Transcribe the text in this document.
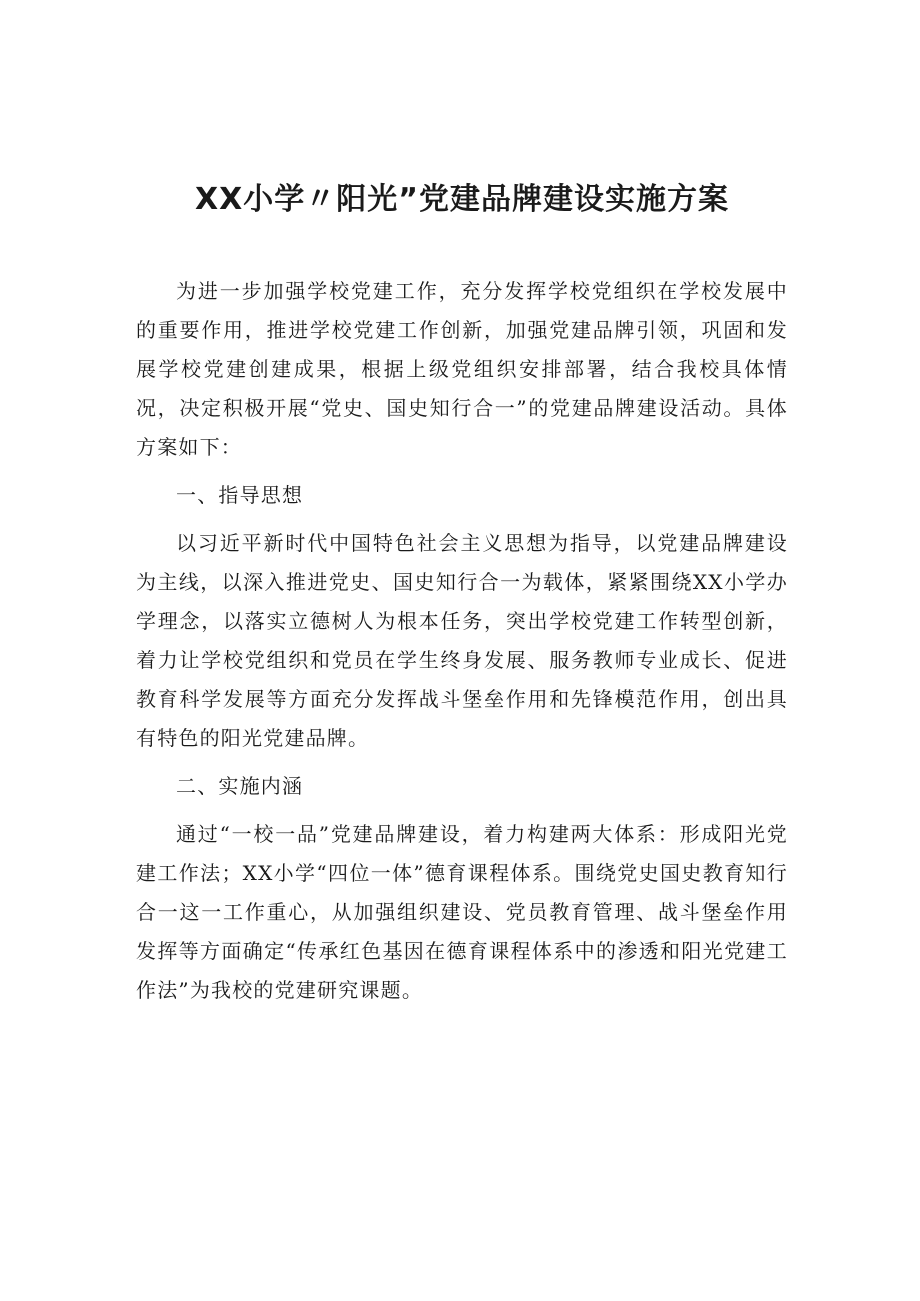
XX小学〃阳光”党建品牌建设实施方案

为进一步加强学校党建工作，充分发挥学校党组织在学校发展中的重要作用，推进学校党建工作创新，加强党建品牌引领，巩固和发展学校党建创建成果，根据上级党组织安排部署，结合我校具体情况，决定积极开展“党史、国史知行合一”的党建品牌建设活动。具体方案如下：

一、指导思想

以习近平新时代中国特色社会主义思想为指导，以党建品牌建设为主线，以深入推进党史、国史知行合一为载体，紧紧围绕XX小学办学理念，以落实立德树人为根本任务，突出学校党建工作转型创新，着力让学校党组织和党员在学生终身发展、服务教师专业成长、促进教育科学发展等方面充分发挥战斗堡垒作用和先锋模范作用，创出具有特色的阳光党建品牌。

二、实施内涵

通过“一校一品”党建品牌建设，着力构建两大体系：形成阳光党建工作法；XX小学“四位一体”德育课程体系。围绕党史国史教育知行合一这一工作重心，从加强组织建设、党员教育管理、战斗堡垒作用发挥等方面确定“传承红色基因在德育课程体系中的渗透和阳光党建工作法”为我校的党建研究课题。
